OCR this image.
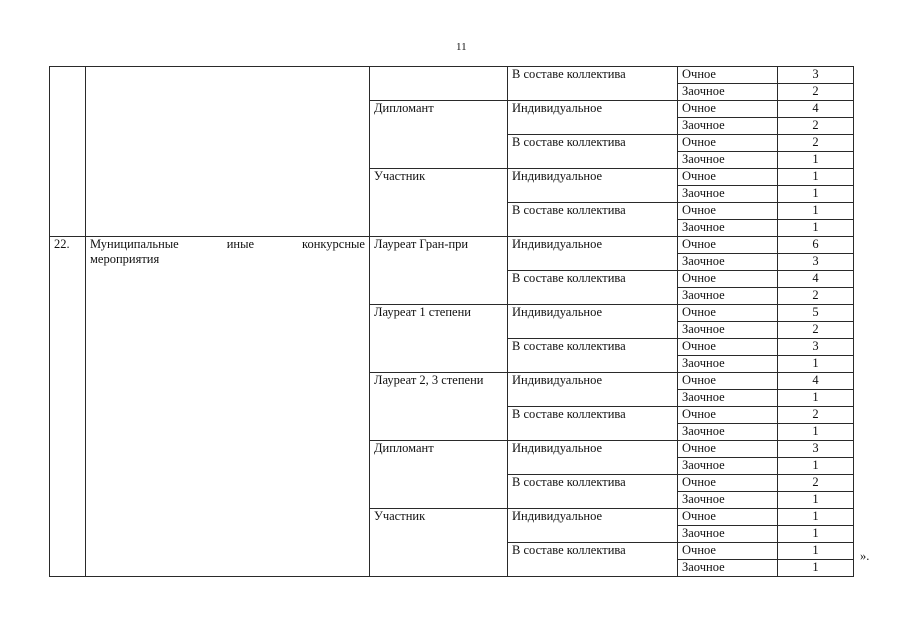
11

		В составе коллектива	Очное	3
				Заочное	2
		Дипломант	Индивидуальное	Очное	4
				Заочное	2
			В составе коллектива	Очное	2
				Заочное	1
		Участник	Индивидуальное	Очное	1
				Заочное	1
			В составе коллектива	Очное	1
				Заочное	1
22.	Муниципальные иные конкурсные
мероприятия	Лауреат Гран-при	Индивидуальное	Очное	6
				Заочное	3
			В составе коллектива	Очное	4
				Заочное	2
		Лауреат 1 степени	Индивидуальное	Очное	5
				Заочное	2
			В составе коллектива	Очное	3
				Заочное	1
		Лауреат 2, 3 степени	Индивидуальное	Очное	4
				Заочное	1
			В составе коллектива	Очное	2
				Заочное	1
		Дипломант	Индивидуальное	Очное	3
				Заочное	1
			В составе коллектива	Очное	2
				Заочное	1
		Участник	Индивидуальное	Очное	1
				Заочное	1
			В составе коллектива	Очное	1
				Заочное	1
».
